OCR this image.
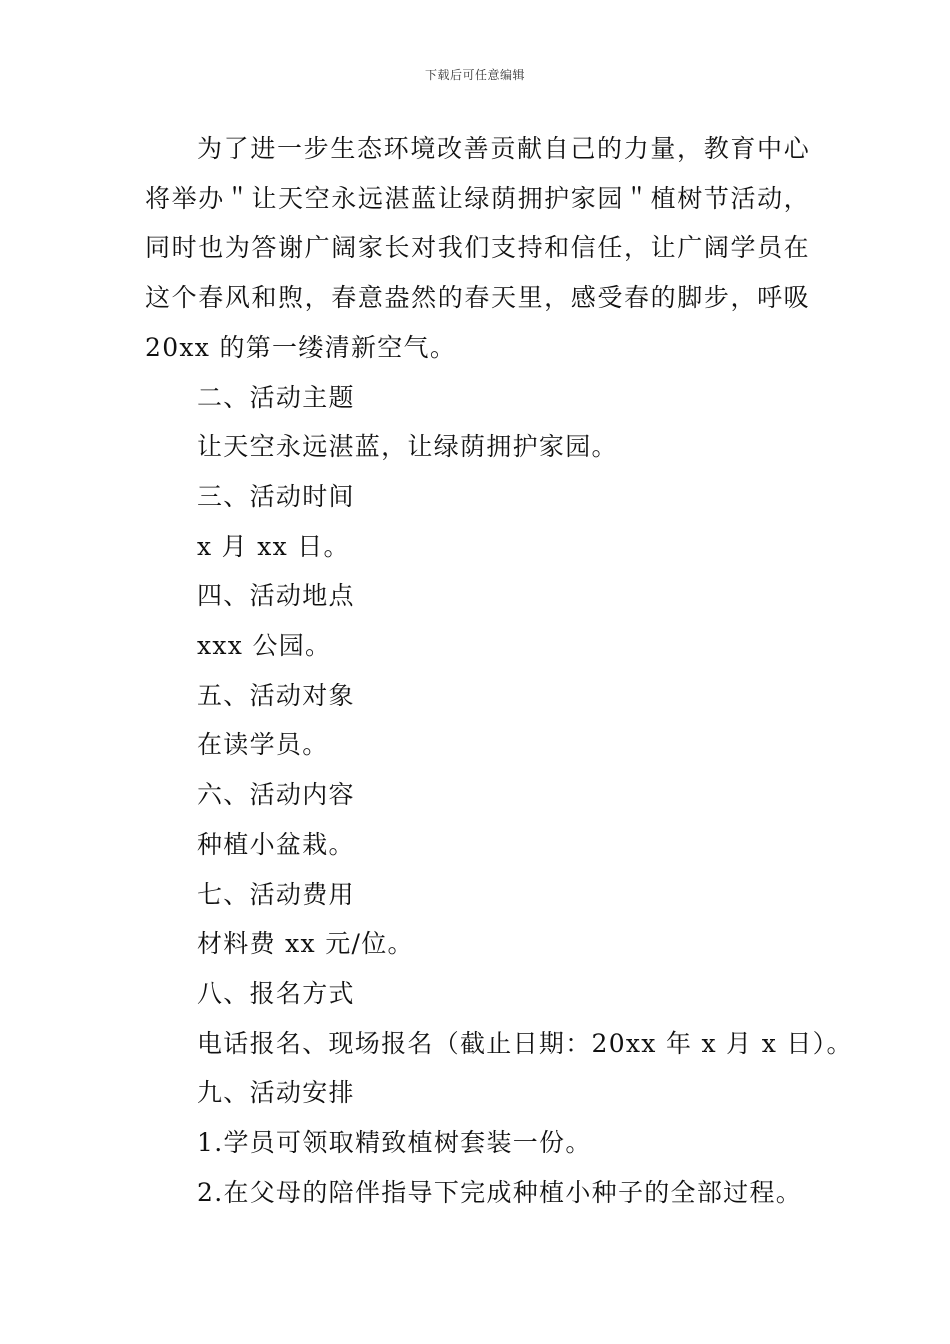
下载后可任意编辑

为了进一步生态环境改善贡献自己的力量，教育中心将举办＂让天空永远湛蓝让绿荫拥护家园＂植树节活动，同时也为答谢广阔家长对我们支持和信任，让广阔学员在这个春风和煦，春意盎然的春天里，感受春的脚步，呼吸 20xx 的第一缕清新空气。

二、活动主题

让天空永远湛蓝，让绿荫拥护家园。

三、活动时间

x 月 xx 日。

四、活动地点

xxx 公园。

五、活动对象

在读学员。

六、活动内容

种植小盆栽。

七、活动费用

材料费 xx 元/位。

八、报名方式

电话报名、现场报名（截止日期：20xx 年 x 月 x 日）。

九、活动安排

1.学员可领取精致植树套装一份。

2.在父母的陪伴指导下完成种植小种子的全部过程。
